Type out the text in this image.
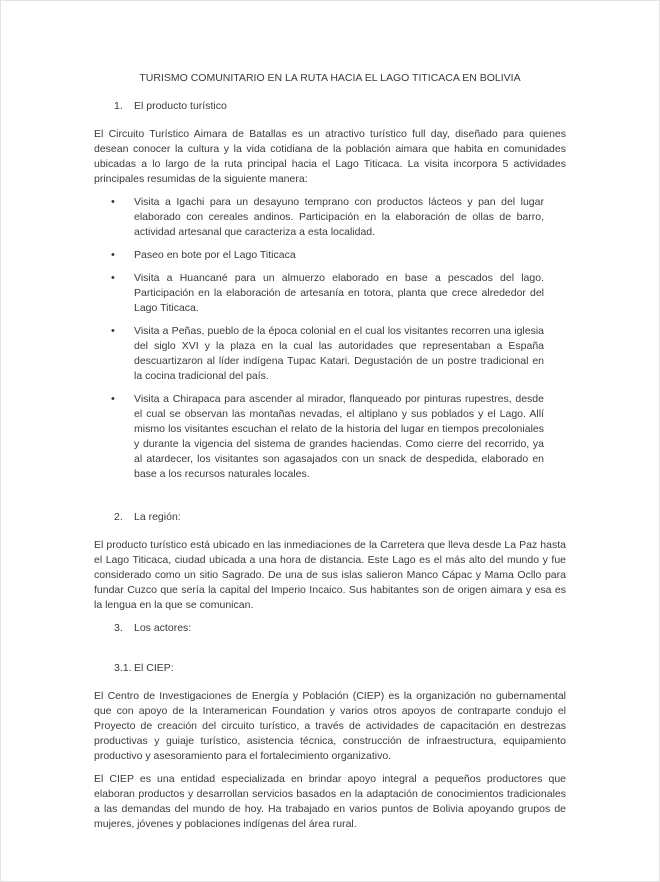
TURISMO COMUNITARIO EN LA RUTA HACIA EL LAGO TITICACA EN BOLIVIA
1.	El producto turístico

El Circuito Turístico Aimara de Batallas es un atractivo turístico full day, diseñado para quienes desean conocer la cultura y la vida cotidiana de la población aimara que habita en comunidades ubicadas a lo largo de la ruta principal hacia el Lago Titicaca. La visita incorpora 5 actividades principales resumidas de la siguiente manera:

•	Visita a Igachi para un desayuno temprano con productos lácteos y pan del lugar elaborado con cereales andinos. Participación en la elaboración de ollas de barro, actividad artesanal que caracteriza a esta localidad.
•	Paseo en bote por el Lago Titicaca
•	Visita a Huancané para un almuerzo elaborado en base a pescados del lago. Participación en la elaboración de artesanía en totora, planta que crece alrededor del Lago Titicaca.
•	Visita a Peñas, pueblo de la época colonial en el cual los visitantes recorren una iglesia del siglo XVI y la plaza en la cual las autoridades que representaban a España descuartizaron al líder indígena Tupac Katari. Degustación de un postre tradicional en la cocina tradicional del país.
•	Visita a Chirapaca para ascender al mirador, flanqueado por pinturas rupestres, desde el cual se observan las montañas nevadas, el altiplano y sus poblados y el Lago. Allí mismo los visitantes escuchan el relato de la historia del lugar en tiempos precoloniales y durante la vigencia del sistema de grandes haciendas. Como cierre del recorrido, ya al atardecer, los visitantes son agasajados con un snack de despedida, elaborado en base a los recursos naturales locales.
2.	La región:

El producto turístico está ubicado en las inmediaciones de la Carretera que lleva desde La Paz hasta el Lago Titicaca, ciudad ubicada a una hora de distancia. Este Lago es el más alto del mundo y fue considerado como un sitio Sagrado. De una de sus islas salieron Manco Cápac y Mama Ocllo para fundar Cuzco que sería la capital del Imperio Incaico. Sus habitantes son de origen aimara y esa es la lengua en la que se comunican.

3.	Los actores:
3.1. El CIEP:

El Centro de Investigaciones de Energía y Población (CIEP) es la organización no gubernamental que con apoyo de la Interamerican Foundation y varios otros apoyos de contraparte condujo el Proyecto de creación del circuito turístico, a través de actividades de capacitación en destrezas productivas y guiaje turístico, asistencia técnica, construcción de infraestructura, equipamiento productivo y asesoramiento para el fortalecimiento organizativo.

El CIEP es una entidad especializada en brindar apoyo integral a pequeños productores que elaboran productos y desarrollan servicios basados en la adaptación de conocimientos tradicionales a las demandas del mundo de hoy. Ha trabajado en varios puntos de Bolivia apoyando grupos de mujeres, jóvenes y poblaciones indígenas del área rural.
